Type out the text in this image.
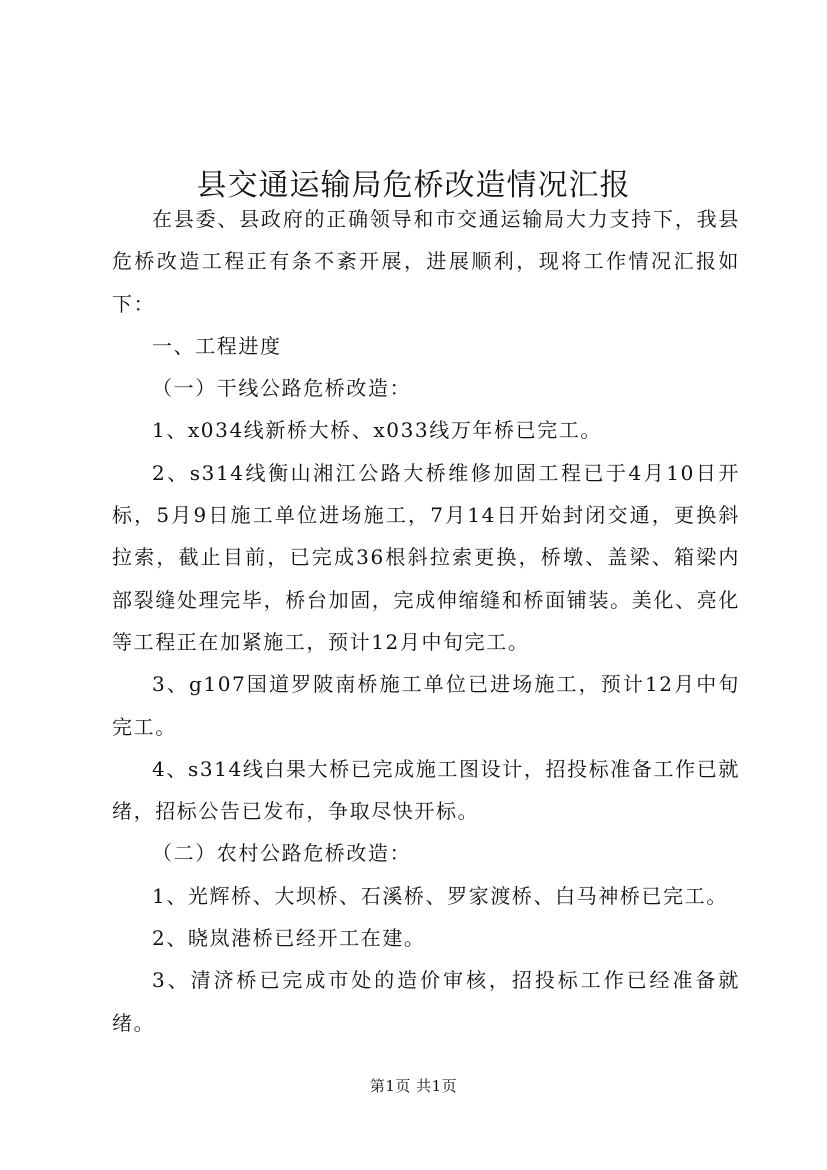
县交通运输局危桥改造情况汇报

在县委、县政府的正确领导和市交通运输局大力支持下，我县危桥改造工程正有条不紊开展，进展顺利，现将工作情况汇报如下：

一、工程进度

（一）干线公路危桥改造：

1、x034线新桥大桥、x033线万年桥已完工。

2、s314线衡山湘江公路大桥维修加固工程已于4月10日开标，5月9日施工单位进场施工，7月14日开始封闭交通，更换斜拉索，截止目前，已完成36根斜拉索更换，桥墩、盖梁、箱梁内部裂缝处理完毕，桥台加固，完成伸缩缝和桥面铺装。美化、亮化等工程正在加紧施工，预计12月中旬完工。

3、g107国道罗陂南桥施工单位已进场施工，预计12月中旬完工。

4、s314线白果大桥已完成施工图设计，招投标准备工作已就绪，招标公告已发布，争取尽快开标。

（二）农村公路危桥改造：

1、光辉桥、大坝桥、石溪桥、罗家渡桥、白马神桥已完工。

2、晓岚港桥已经开工在建。

3、清济桥已完成市处的造价审核，招投标工作已经准备就绪。

第1页 共1页
